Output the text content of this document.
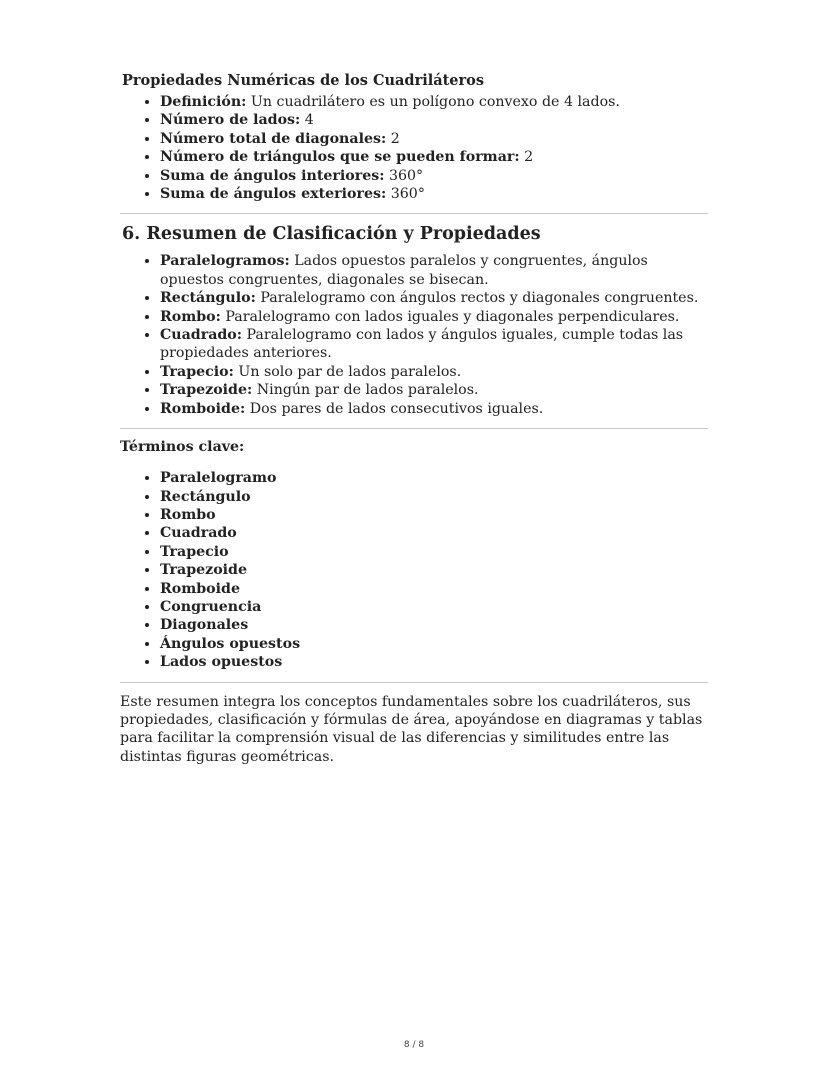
Propiedades Numéricas de los Cuadriláteros
• Definición: Un cuadrilátero es un polígono convexo de 4 lados.
• Número de lados: 4
• Número total de diagonales: 2
• Número de triángulos que se pueden formar: 2
• Suma de ángulos interiores: 360°
• Suma de ángulos exteriores: 360°
6. Resumen de Clasificación y Propiedades
• Paralelogramos: Lados opuestos paralelos y congruentes, ángulos opuestos congruentes, diagonales se bisecan.
• Rectángulo: Paralelogramo con ángulos rectos y diagonales congruentes.
• Rombo: Paralelogramo con lados iguales y diagonales perpendiculares.
• Cuadrado: Paralelogramo con lados y ángulos iguales, cumple todas las propiedades anteriores.
• Trapecio: Un solo par de lados paralelos.
• Trapezoide: Ningún par de lados paralelos.
• Romboide: Dos pares de lados consecutivos iguales.
Términos clave:
• Paralelogramo
• Rectángulo
• Rombo
• Cuadrado
• Trapecio
• Trapezoide
• Romboide
• Congruencia
• Diagonales
• Ángulos opuestos
• Lados opuestos

Este resumen integra los conceptos fundamentales sobre los cuadriláteros, sus propiedades, clasificación y fórmulas de área, apoyándose en diagramas y tablas para facilitar la comprensión visual de las diferencias y similitudes entre las distintas figuras geométricas.

8 / 8
